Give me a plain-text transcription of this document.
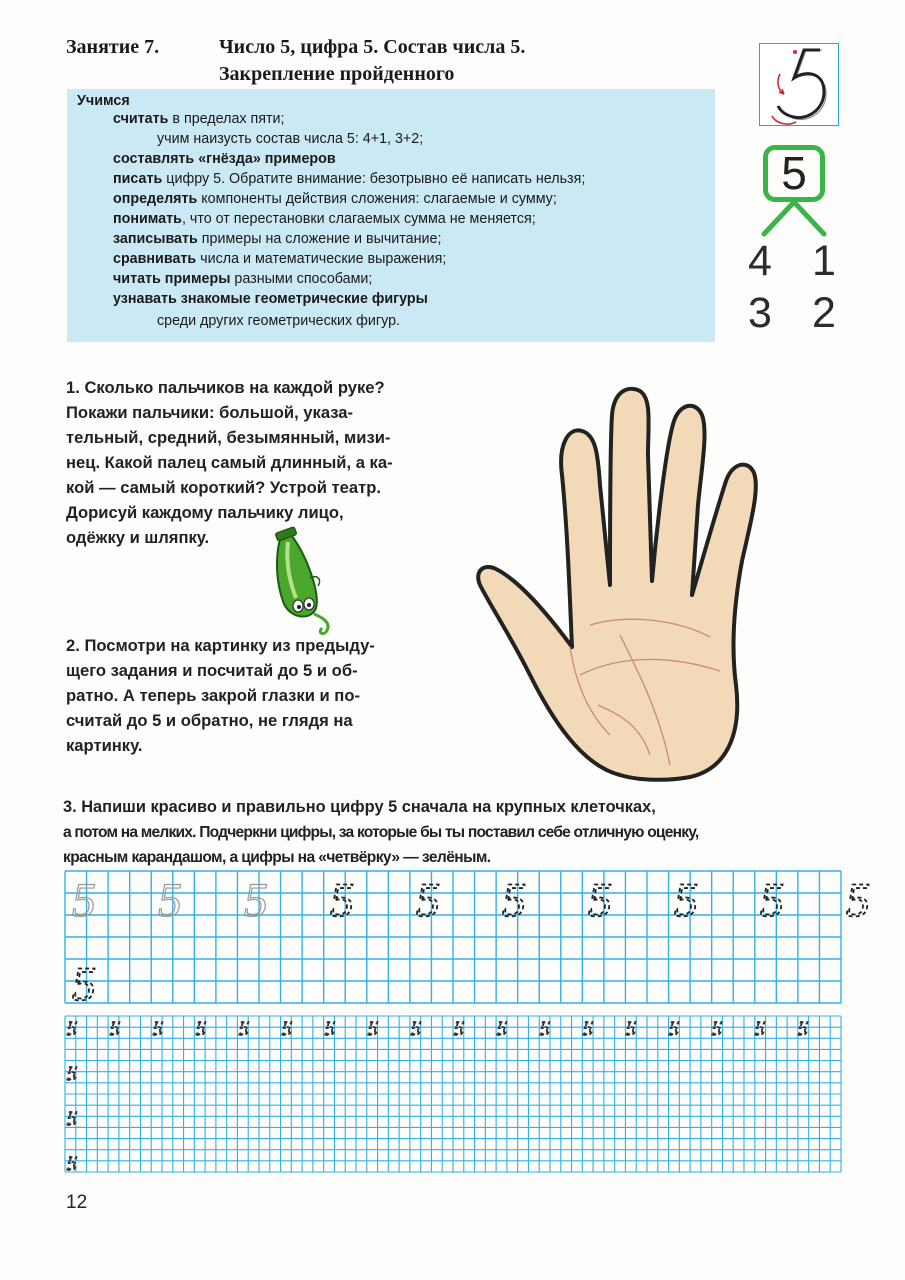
Занятие 7.	Число 5, цифра 5. Состав числа 5.
Закрепление пройденного
Учимся
считать в пределах пяти;
учим наизусть состав числа 5: 4+1, 3+2;
составлять «гнёзда» примеров
писать цифру 5. Обратите внимание: безотрывно её написать нельзя;
определять компоненты действия сложения: слагаемые и сумму;
понимать, что от перестановки слагаемых сумма не меняется;
записывать примеры на сложение и вычитание;
сравнивать числа и математические выражения;
читать примеры разными способами;
узнавать знакомые геометрические фигуры
среди других геометрических фигур.
5
4 1
3 2
1. Сколько пальчиков на каждой руке?
Покажи пальчики: большой, указа-
тельный, средний, безымянный, мизи-
нец. Какой палец самый длинный, а ка-
кой — самый короткий? Устрой театр.
Дорисуй каждому пальчику лицо,
одёжку и шляпку.
2. Посмотри на картинку из предыду-
щего задания и посчитай до 5 и об-
ратно. А теперь закрой глазки и по-
считай до 5 и обратно, не глядя на
картинку.
3. Напиши красиво и правильно цифру 5 сначала на крупных клеточках,
а потом на мелких. Подчеркни цифры, за которые бы ты поставил себе отличную оценку,
красным карандашом, а цифры на «четвёрку» — зелёным.
5 5 5 5 5 5 5 5 5 5
5
5 5 5 5 5 5 5 5 5 5 5 5 5 5 5 5 5 5
5
5
5
12
